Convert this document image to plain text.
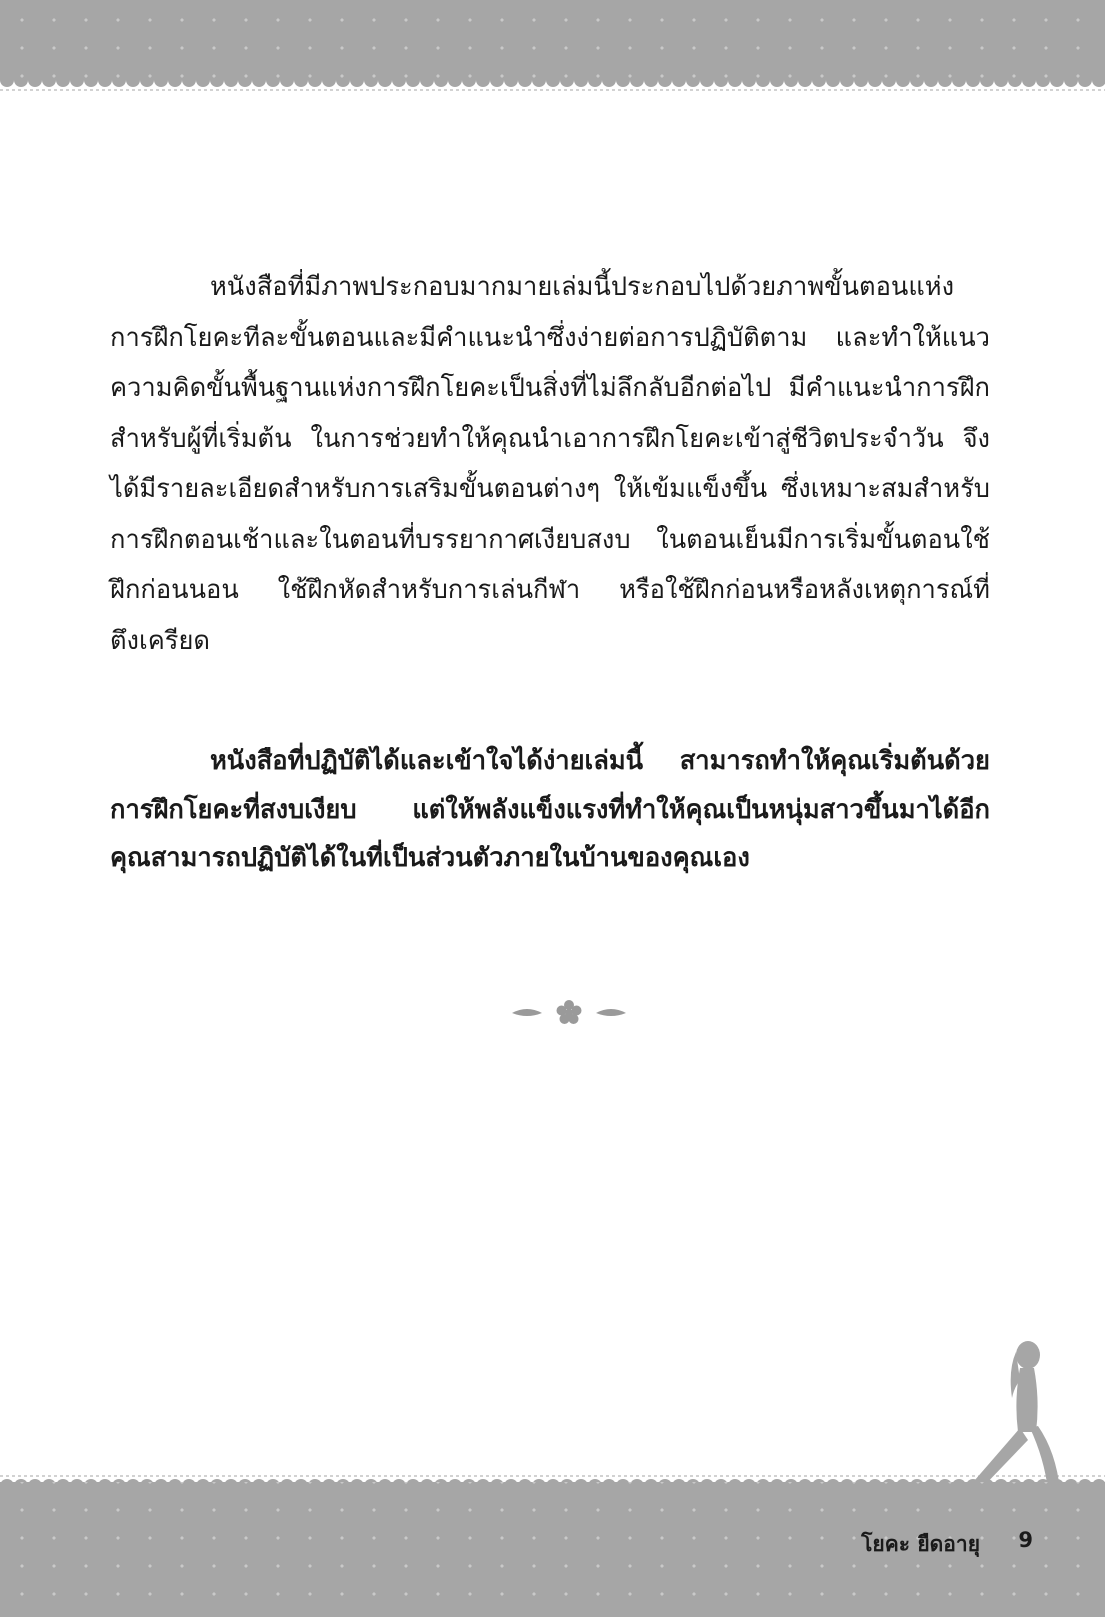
หนังสือที่มีภาพประกอบมากมายเล่มนี้ประกอบไปด้วยภาพขั้นตอนแห่งการฝึกโยคะทีละขั้นตอนและมีคำแนะนำซึ่งง่ายต่อการปฏิบัติตาม และทำให้แนวความคิดขั้นพื้นฐานแห่งการฝึกโยคะเป็นสิ่งที่ไม่ลึกลับอีกต่อไป มีคำแนะนำการฝึกสำหรับผู้ที่เริ่มต้น ในการช่วยทำให้คุณนำเอาการฝึกโยคะเข้าสู่ชีวิตประจำวัน จึงได้มีรายละเอียดสำหรับการเสริมขั้นตอนต่างๆ ให้เข้มแข็งขึ้น ซึ่งเหมาะสมสำหรับการฝึกตอนเช้าและในตอนที่บรรยากาศเงียบสงบ ในตอนเย็นมีการเริ่มขั้นตอนใช้ฝึกก่อนนอน ใช้ฝึกหัดสำหรับการเล่นกีฬา หรือใช้ฝึกก่อนหรือหลังเหตุการณ์ที่ตึงเครียด
หนังสือที่ปฏิบัติได้และเข้าใจได้ง่ายเล่มนี้ สามารถทำให้คุณเริ่มต้นด้วยการฝึกโยคะที่สงบเงียบ แต่ให้พลังแข็งแรงที่ทำให้คุณเป็นหนุ่มสาวขึ้นมาได้อีก คุณสามารถปฏิบัติได้ในที่เป็นส่วนตัวภายในบ้านของคุณเอง
โยคะ ยืดอายุ 9
